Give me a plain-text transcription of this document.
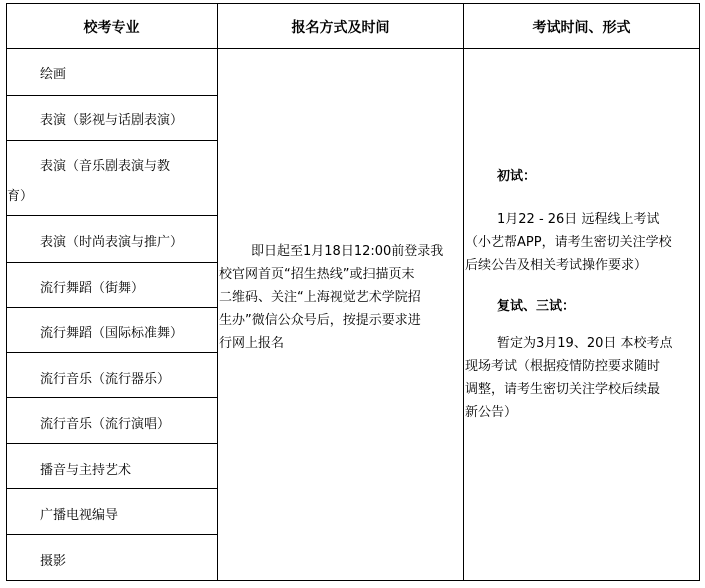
校考专业	报名方式及时间	考试时间、形式
绘画
表演（影视与话剧表演）
表演（音乐剧表演与教
育）
表演（时尚表演与推广）
流行舞蹈（街舞）
流行舞蹈（国际标准舞）
流行音乐（流行器乐）
流行音乐（流行演唱）
播音与主持艺术
广播电视编导
摄影
即日起至1月18日12:00前登录我
校官网首页“招生热线”或扫描页末
二维码、关注“上海视觉艺术学院招
生办”微信公众号后，按提示要求进
行网上报名
初试：
1月22 - 26日 远程线上考试
（小艺帮APP，请考生密切关注学校
后续公告及相关考试操作要求）
复试、三试：
暂定为3月19、20日 本校考点
现场考试（根据疫情防控要求随时
调整，请考生密切关注学校后续最
新公告）
